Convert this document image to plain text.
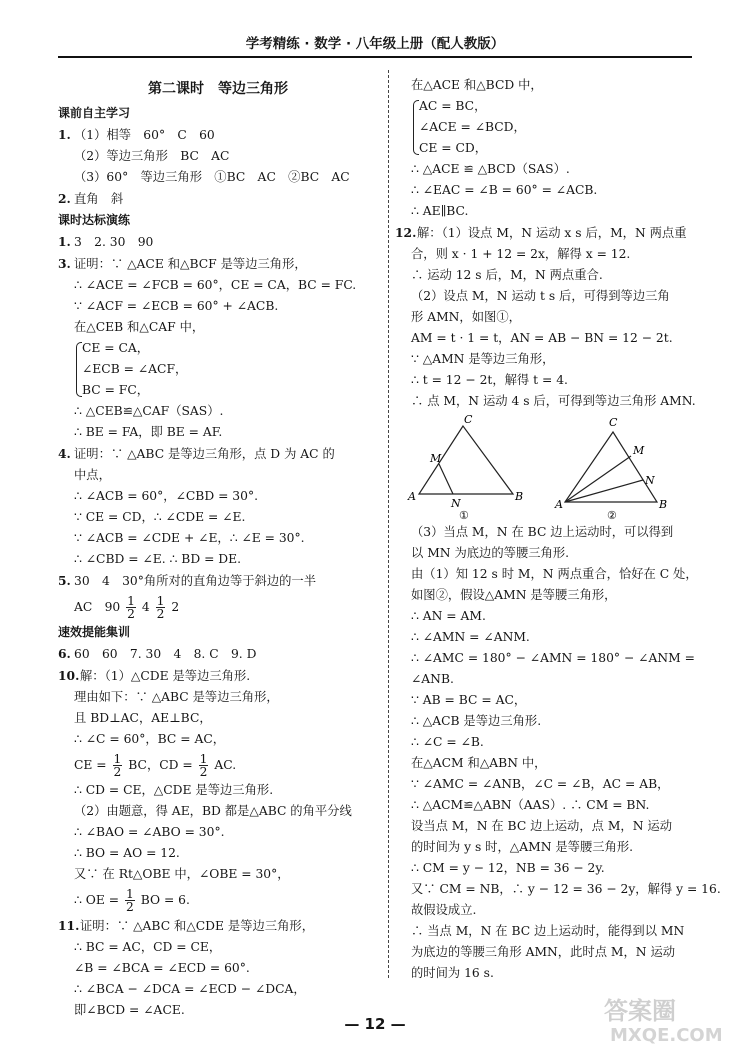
学考精练 · 数学 · 八年级上册（配人教版）

第二课时　等边三角形

课前自主学习

1. （1）相等　60°　C　60

（2）等边三角形　BC　AC

（3）60°　等边三角形　①BC　AC　②BC　AC

2. 直角　斜

课时达标演练

1. 3　2. 30　90

3. 证明：∵ △ACE 和△BCF 是等边三角形，

∴ ∠ACE = ∠FCB = 60°，CE = CA，BC = FC.

∵ ∠ACF = ∠ECB = 60° + ∠ACB.

在△CEB 和△CAF 中，

CE = CA，

∠ECB = ∠ACF，

BC = FC，

∴ △CEB≌△CAF（SAS）.

∴ BE = FA，即 BE = AF.

4. 证明：∵ △ABC 是等边三角形，点 D 为 AC 的

中点，

∴ ∠ACB = 60°，∠CBD = 30°.

∵ CE = CD，∴ ∠CDE = ∠E.

∵ ∠ACB = ∠CDE + ∠E，∴ ∠E = 30°.

∴ ∠CBD = ∠E. ∴ BD = DE.

5. 30　4　30°角所对的直角边等于斜边的一半

AC　$90 \frac{1}{2} 4 \frac{1}{2} 2$

速效提能集训

6. 60　60　7. 30　4　8. C　9. D

10.解：（1）△CDE 是等边三角形.

理由如下：∵ △ABC 是等边三角形，

且 BD⊥AC，AE⊥BC，

∴ ∠C = 60°，BC = AC，

CE = $\frac{1}{2}$ BC，CD = $\frac{1}{2}$ AC.

∴ CD = CE，△CDE 是等边三角形.

（2）由题意，得 AE，BD 都是△ABC 的角平分线

∴ ∠BAO = ∠ABO = 30°.

∴ BO = AO = 12.

又∵ 在 Rt△OBE 中，∠OBE = 30°，

∴ OE = $\frac{1}{2}$ BO = 6.

11.证明：∵ △ABC 和△CDE 是等边三角形，

∴ BC = AC，CD = CE，

∠B = ∠BCA = ∠ECD = 60°.

∴ ∠BCA − ∠DCA = ∠ECD − ∠DCA，

即∠BCD = ∠ACE.

在△ACE 和△BCD 中，

AC = BC，

∠ACE = ∠BCD，

CE = CD，

∴ △ACE ≌ △BCD（SAS）.

∴ ∠EAC = ∠B = 60° = ∠ACB.

∴ AE∥BC.

12.解：（1）设点 M，N 运动 x s 后，M，N 两点重

合，则 x · 1 + 12 = 2x，解得 x = 12.

∴ 运动 12 s 后，M，N 两点重合.

（2）设点 M，N 运动 t s 后，可得到等边三角

形 AMN，如图①，

AM = t · 1 = t，AN = AB − BN = 12 − 2t.

∵ △AMN 是等边三角形，

∴ t = 12 − 2t，解得 t = 4.

∴ 点 M，N 运动 4 s 后，可得到等边三角形 AMN.

C
M
A
N
B
①
C
M
N
A	B
②

（3）当点 M，N 在 BC 边上运动时，可以得到

以 MN 为底边的等腰三角形.

由（1）知 12 s 时 M，N 两点重合，恰好在 C 处，

如图②，假设△AMN 是等腰三角形，

∴ AN = AM.

∴ ∠AMN = ∠ANM.

∴ ∠AMC = 180° − ∠AMN = 180° − ∠ANM =

∠ANB.

∵ AB = BC = AC，

∴ △ACB 是等边三角形.

∴ ∠C = ∠B.

在△ACM 和△ABN 中，

∵ ∠AMC = ∠ANB，∠C = ∠B，AC = AB，

∴ △ACM≌△ABN（AAS）. ∴ CM = BN.

设当点 M，N 在 BC 边上运动，点 M，N 运动

的时间为 y s 时，△AMN 是等腰三角形.

∴ CM = y − 12，NB = 36 − 2y.

又∵ CM = NB，∴ y − 12 = 36 − 2y，解得 y = 16.

故假设成立.

∴ 当点 M，N 在 BC 边上运动时，能得到以 MN

为底边的等腰三角形 AMN，此时点 M，N 运动

的时间为 16 s.

— 12 —	答案圈
MXQE.COM
